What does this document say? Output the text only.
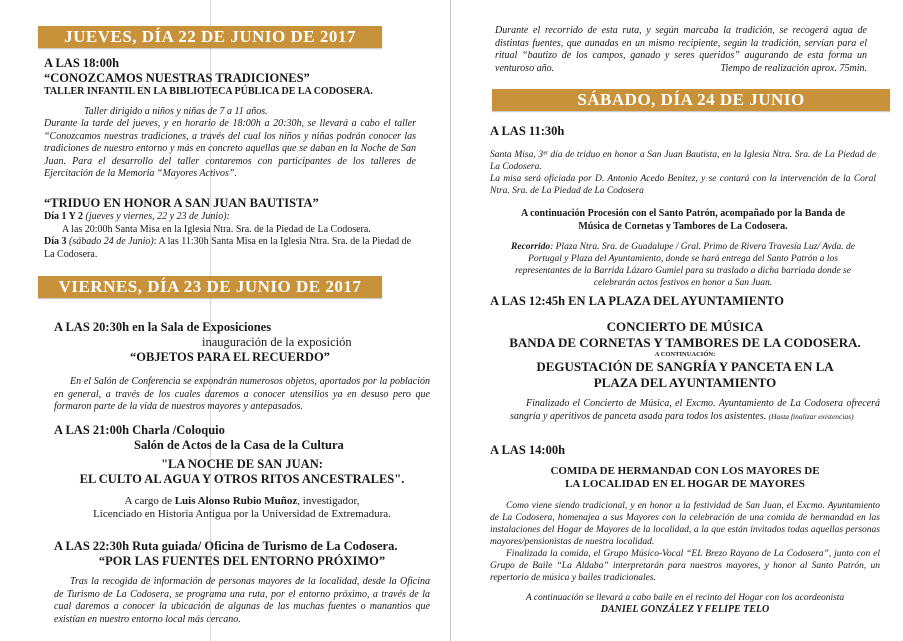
JUEVES, DÍA 22 DE JUNIO DE 2017

A LAS 18:00h

“CONOZCAMOS NUESTRAS TRADICIONES”

TALLER INFANTIL EN LA BIBLIOTECA PÚBLICA DE LA CODOSERA.

Taller dirigido a niños y niñas de 7 a 11 años.

Durante la tarde del jueves, y en horario de 18:00h a 20:30h, se llevará a cabo el taller “Conozcamos nuestras tradiciones, a través del cual los niños y niñas podrán conocer las tradiciones de nuestro entorno y más en concreto aquellas que se daban en la Noche de San Juan. Para el desarrollo del taller contaremos con participantes de los talleres de Ejercitación de la Memoria “Mayores Activos”.

“TRIDUO EN HONOR A SAN JUAN BAUTISTA”

Día 1 Y 2 (jueves y viernes, 22 y 23 de Junio):

A las 20:00h Santa Misa en la Iglesia Ntra. Sra. de la Piedad de La Codosera.

Día 3 (sábado 24 de Junio): A las 11:30h Santa Misa en la Iglesia Ntra. Sra. de la Piedad de La Codosera.

VIERNES, DÍA 23 DE JUNIO DE 2017

A LAS 20:30h en la Sala de Exposiciones

inauguración de la exposición

“OBJETOS PARA EL RECUERDO”

En el Salón de Conferencia se expondrán numerosos objetos, aportados por la población en general, a través de los cuales daremos a conocer utensilios ya en desuso pero que formaron parte de la vida de nuestros mayores y antepasados.

A LAS 21:00h Charla /Coloquio

Salón de Actos de la Casa de la Cultura

"LA NOCHE DE SAN JUAN:

EL CULTO AL AGUA Y OTROS RITOS ANCESTRALES".

A cargo de Luis Alonso Rubio Muñoz, investigador,

Licenciado en Historia Antigua por la Universidad de Extremadura.

A LAS 22:30h Ruta guiada/ Oficina de Turismo de La Codosera.

“POR LAS FUENTES DEL ENTORNO PRÓXIMO”

Tras la recogida de información de personas mayores de la localidad, desde la Oficina de Turismo de La Codosera, se programa una ruta, por el entorno próximo, a través de la cual daremos a conocer la ubicación de algunas de las muchas fuentes o manantios que existían en nuestro entorno local más cercano.

Durante el recorrido de esta ruta, y según marcaba la tradición, se recogerá agua de distintas fuentes, que aunadas en un mismo recipiente, según la tradición, servían para el ritual “bautizo de los campos, ganado y seres queridos” augurando de esta forma un venturoso año.	Tiempo de realización aprox. 75min.

SÁBADO, DÍA 24 DE JUNIO

A LAS 11:30h

Santa Misa, 3ᵉʳ día de triduo en honor a San Juan Bautista, en la Iglesia Ntra. Sra. de La Piedad de La Codosera.

La misa será oficiada por D. Antonio Acedo Benítez, y se contará con la intervención de la Coral Ntra. Sra. de La Piedad de La Codosera

A continuación Procesión con el Santo Patrón, acompañado por la Banda de

Música de Cornetas y Tambores de La Codosera.

Recorrido: Plaza Ntra. Sra. de Guadalupe / Gral. Primo de Rivera Travesía Luz/ Avda. de Portugal y Plaza del Ayuntamiento, donde se hará entrega del Santo Patrón a los representantes de la Barrida Lázaro Gumiel para su traslado a dicha barriada donde se celebrarán actos festivos en honor a San Juan.

A LAS 12:45h EN LA PLAZA DEL AYUNTAMIENTO

CONCIERTO DE MÚSICA

BANDA DE CORNETAS Y TAMBORES DE LA CODOSERA.

A CONTINUACIÓN:

DEGUSTACIÓN DE SANGRÍA Y PANCETA EN LA

PLAZA DEL AYUNTAMIENTO

Finalizado el Concierto de Música, el Excmo. Ayuntamiento de La Codosera ofrecerá sangría y aperitivos de panceta asada para todos los asistentes. (Hasta finalizar existencias)

A LAS 14:00h

COMIDA DE HERMANDAD CON LOS MAYORES DE

LA LOCALIDAD EN EL HOGAR DE MAYORES

Como viene siendo tradicional, y en honor a la festividad de San Juan, el Excmo. Ayuntamiento de La Codosera, homenajea a sus Mayores con la celebración de una comida de hermandad en las instalaciones del Hogar de Mayores de la localidad, a la que están invitados todas aquellas personas mayores/pensionistas de nuestra localidad.

Finalizada la comida, el Grupo Músico-Vocal “EL Brezo Rayano de La Codosera”, junto con el Grupo de Baile “La Aldaba” interpretarán para nuestros mayores, y honor al Santo Patrón, un repertorio de música y bailes tradicionales.

A continuación se llevará a cabo baile en el recinto del Hogar con los acordeonista

DANIEL GONZÁLEZ Y FELIPE TELO
